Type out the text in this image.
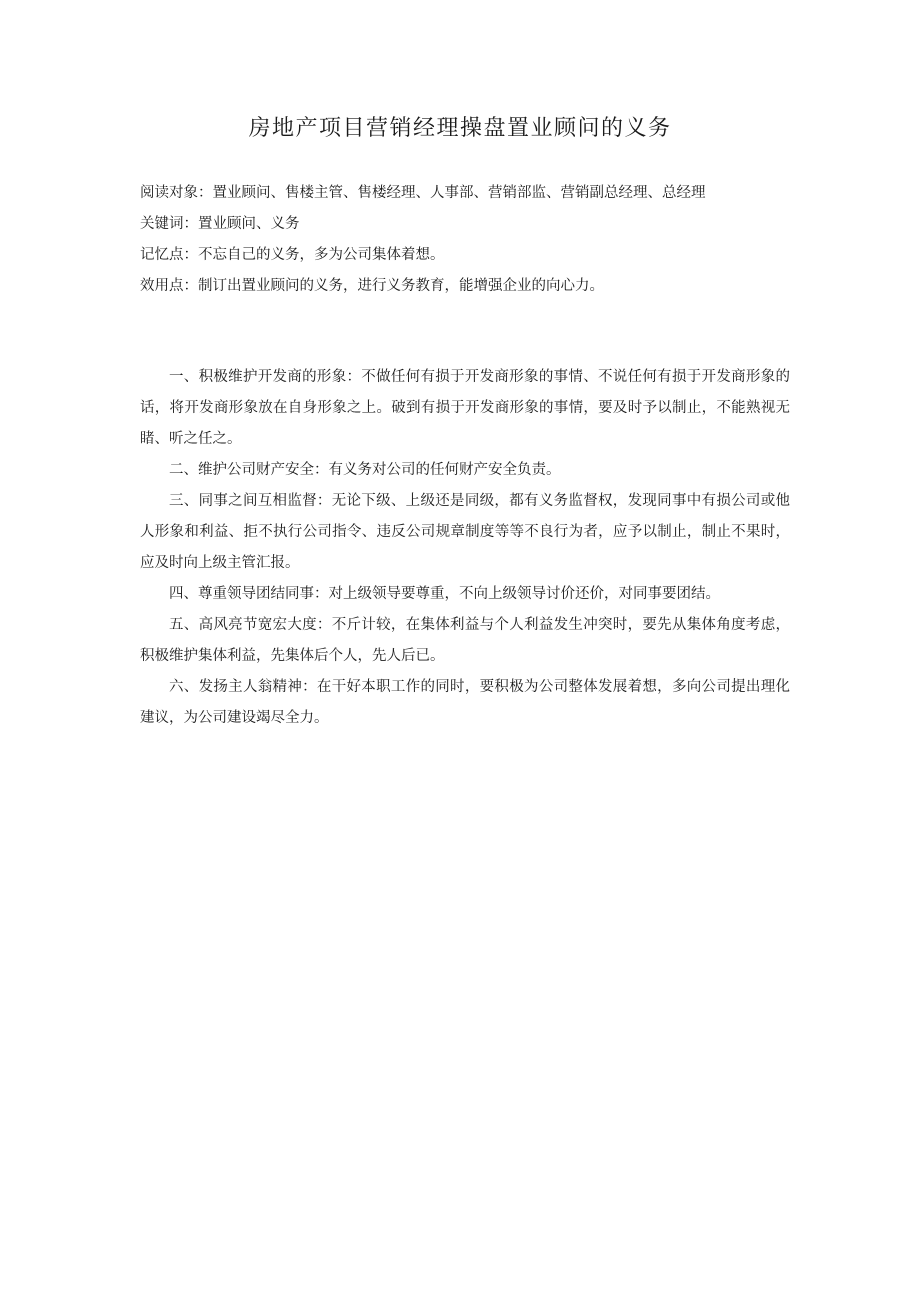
房地产项目营销经理操盘置业顾问的义务

阅读对象：置业顾问、售楼主管、售楼经理、人事部、营销部监、营销副总经理、总经理

关键词：置业顾问、义务

记忆点：不忘自己的义务，多为公司集体着想。

效用点：制订出置业顾问的义务，进行义务教育，能增强企业的向心力。

一、积极维护开发商的形象：不做任何有损于开发商形象的事情、不说任何有损于开发商形象的话，将开发商形象放在自身形象之上。破到有损于开发商形象的事情，要及时予以制止，不能熟视无睹、听之任之。

二、维护公司财产安全：有义务对公司的任何财产安全负责。

三、同事之间互相监督：无论下级、上级还是同级，都有义务监督权，发现同事中有损公司或他人形象和利益、拒不执行公司指令、违反公司规章制度等等不良行为者，应予以制止，制止不果时，应及时向上级主管汇报。

四、尊重领导团结同事：对上级领导要尊重，不向上级领导讨价还价，对同事要团结。

五、高风亮节宽宏大度：不斤计较，在集体利益与个人利益发生冲突时，要先从集体角度考虑，积极维护集体利益，先集体后个人，先人后已。

六、发扬主人翁精神：在干好本职工作的同时，要积极为公司整体发展着想，多向公司提出理化建议，为公司建设竭尽全力。
